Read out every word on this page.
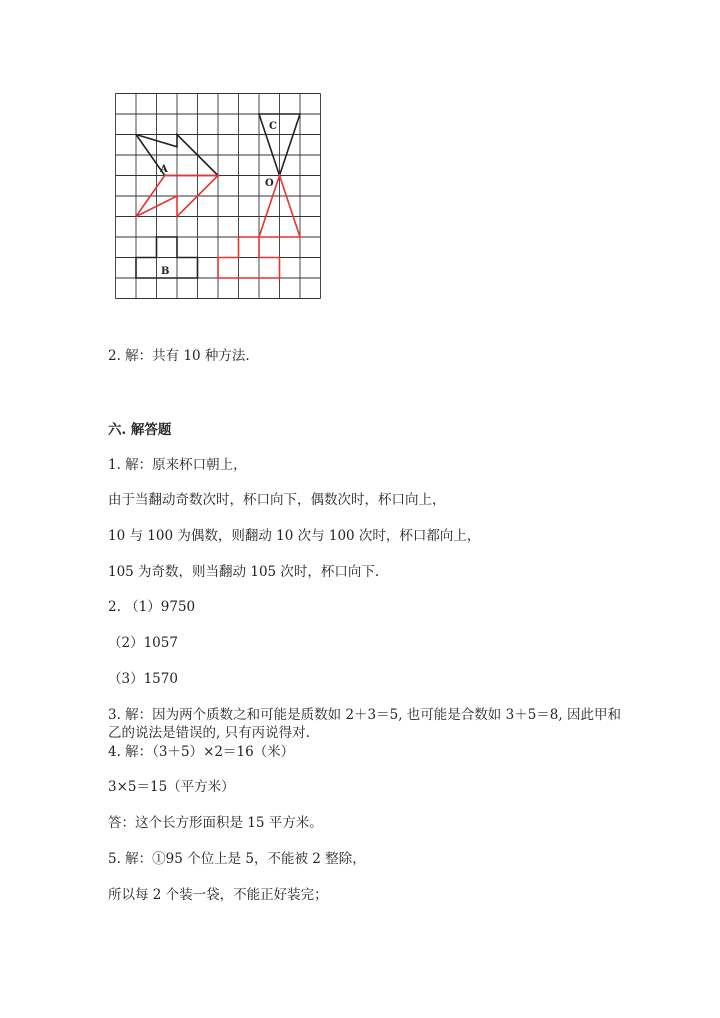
A
B
C
O

2. 解：共有 10 种方法.

六. 解答题

1. 解：原来杯口朝上，

由于当翻动奇数次时，杯口向下，偶数次时，杯口向上，

10 与 100 为偶数，则翻动 10 次与 100 次时，杯口都向上，

105 为奇数，则当翻动 105 次时，杯口向下.

2. （1）9750

（2）1057

（3）1570

3. 解：因为两个质数之和可能是质数如 2＋3＝5, 也可能是合数如 3＋5＝8, 因此甲和乙的说法是错误的, 只有丙说得对.

4. 解：（3＋5）×2＝16（米）

3×5＝15（平方米）

答：这个长方形面积是 15 平方米。

5. 解：①95 个位上是 5，不能被 2 整除，

所以每 2 个装一袋，不能正好装完；
